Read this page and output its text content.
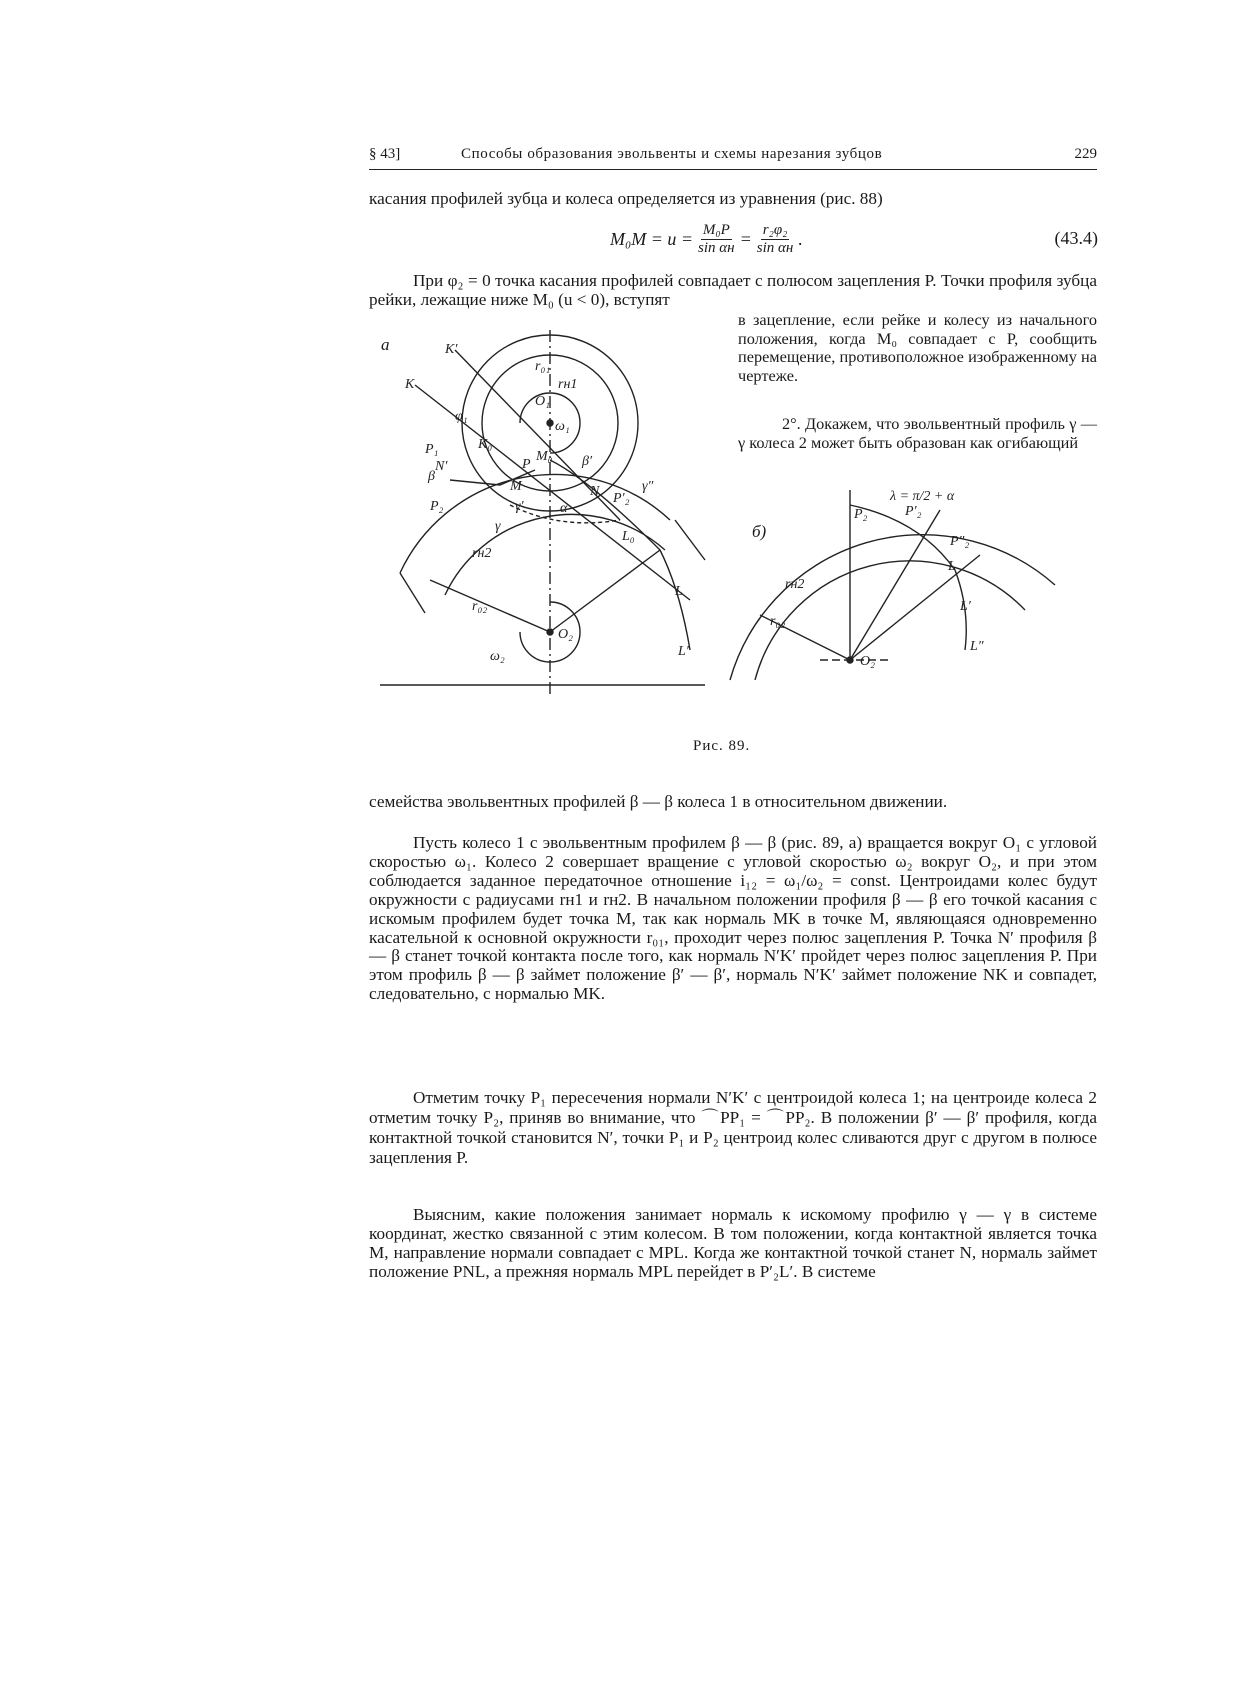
§ 43]	Способы образования эвольвенты и схемы нарезания зубцов	229

касания профилей зубца и колеса определяется из уравнения (рис. 88)

$M_0M = u = \frac{\text{M₀P}}{\text{sin αн}} = \frac{\text{r₂φ₂}}{\text{sin αн}}$ .	(43.4)

При φ₂ = 0 точка касания профилей совпадает с полюсом зацепления P. Точки профиля зубца рейки, лежащие ниже M₀ (u < 0), вступят

в зацепление, если рейке и колесу из начального положения, когда M₀ совпадает с P, сообщить перемещение, противоположное изображенному на чертеже.

2°. Докажем, что эвольвентный профиль γ — γ колеса 2 может быть образован как огибающий

K
K′
O₁
ω₁
rн1
r₀₁
φ₁
P₁	K₀
N′
M
P
β
β′
γ
γ′
N
P₂
P′₂
L₀
L
L′
rн2
r₀₂
O₂
ω₂
γ″
M₀
α
λ = π/2 + α
P₂	P′₂
P″₂
L
L′
L″
rн2
r₀₂
O₂
а
б)
Рис. 89.

семейства эвольвентных профилей β — β колеса 1 в относительном движении.

Пусть колесо 1 с эвольвентным профилем β — β (рис. 89, а) вращается вокруг O₁ с угловой скоростью ω₁. Колесо 2 совершает вращение с угловой скоростью ω₂ вокруг O₂, и при этом соблюдается заданное передаточное отношение i₁₂ = ω₁/ω₂ = const. Центроидами колес будут окружности с радиусами rн1 и rн2. В начальном положении профиля β — β его точкой касания с искомым профилем будет точка M, так как нормаль MK в точке M, являющаяся одновременно касательной к основной окружности r₀₁, проходит через полюс зацепления P. Точка N′ профиля β — β станет точкой контакта после того, как нормаль N′K′ пройдет через полюс зацепления P. При этом профиль β — β займет положение β′ — β′, нормаль N′K′ займет положение NK и совпадет, следовательно, с нормалью MK.

Отметим точку P₁ пересечения нормали N′K′ с центроидой колеса 1; на центроиде колеса 2 отметим точку P₂, приняв во внимание, что ⌒PP₁ = ⌒PP₂. В положении β′ — β′ профиля, когда контактной точкой становится N′, точки P₁ и P₂ центроид колес сливаются друг с другом в полюсе зацепления P.

Выясним, какие положения занимает нормаль к искомому профилю γ — γ в системе координат, жестко связанной с этим колесом. В том положении, когда контактной является точка M, направление нормали совпадает с MPL. Когда же контактной точкой станет N, нормаль займет положение PNL, а прежняя нормаль MPL перейдет в P′₂L′. В системе
